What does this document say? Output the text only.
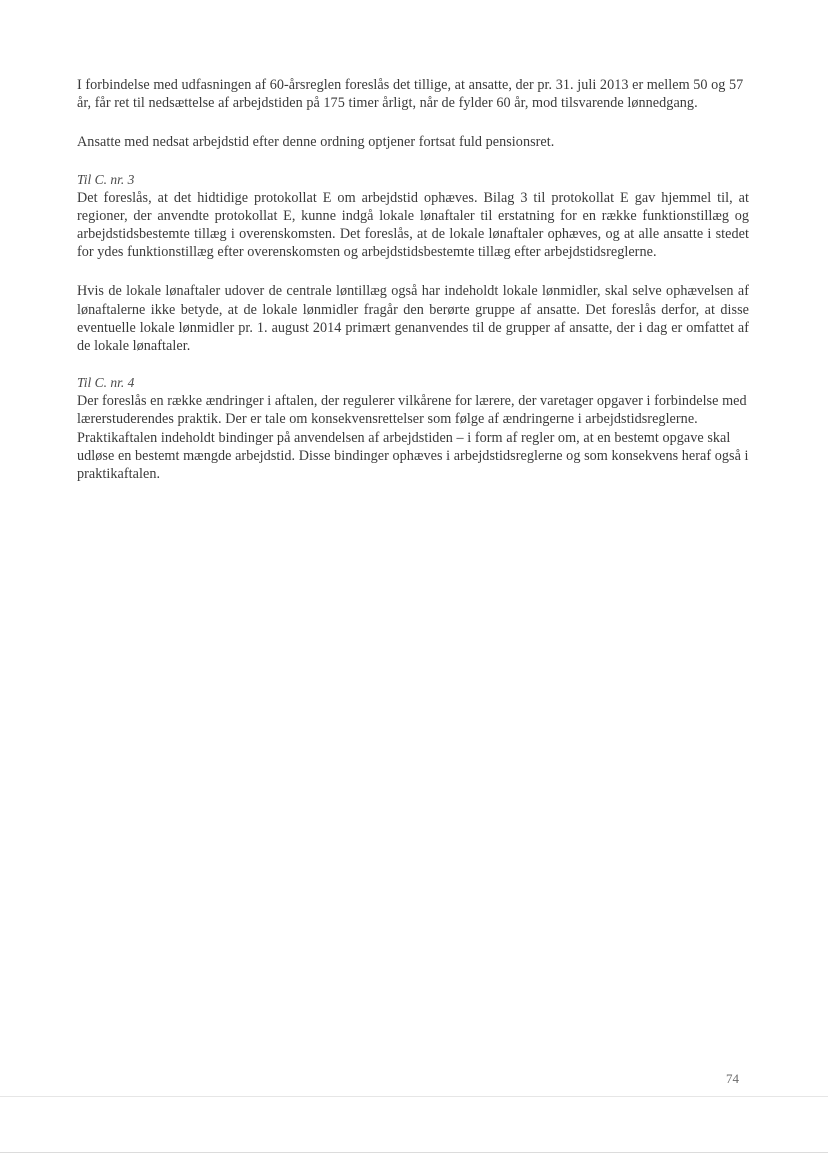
I forbindelse med udfasningen af 60-årsreglen foreslås det tillige, at ansatte, der pr. 31. juli 2013 er mellem 50 og 57 år, får ret til nedsættelse af arbejdstiden på 175 timer årligt, når de fylder 60 år, mod tilsvarende lønnedgang.

Ansatte med nedsat arbejdstid efter denne ordning optjener fortsat fuld pensionsret.

Til C. nr. 3

Det foreslås, at det hidtidige protokollat E om arbejdstid ophæves. Bilag 3 til protokollat E gav hjemmel til, at regioner, der anvendte protokollat E, kunne indgå lokale lønaftaler til erstatning for en række funktionstillæg og arbejdstidsbestemte tillæg i overenskomsten. Det foreslås, at de lokale lønaftaler ophæves, og at alle ansatte i stedet for ydes funktionstillæg efter overenskomsten og arbejdstidsbestemte tillæg efter arbejdstidsreglerne.

Hvis de lokale lønaftaler udover de centrale løntillæg også har indeholdt lokale lønmidler, skal selve ophævelsen af lønaftalerne ikke betyde, at de lokale lønmidler fragår den berørte gruppe af ansatte. Det foreslås derfor, at disse eventuelle lokale lønmidler pr. 1. august 2014 primært genanvendes til de grupper af ansatte, der i dag er omfattet af de lokale lønaftaler.

Til C. nr. 4

Der foreslås en række ændringer i aftalen, der regulerer vilkårene for lærere, der varetager opgaver i forbindelse med lærerstuderendes praktik. Der er tale om konsekvensrettelser som følge af ændringerne i arbejdstidsreglerne. Praktikaftalen indeholdt bindinger på anvendelsen af arbejdstiden – i form af regler om, at en bestemt opgave skal udløse en bestemt mængde arbejdstid. Disse bindinger ophæves i arbejdstidsreglerne og som konsekvens heraf også i praktikaftalen.

74
